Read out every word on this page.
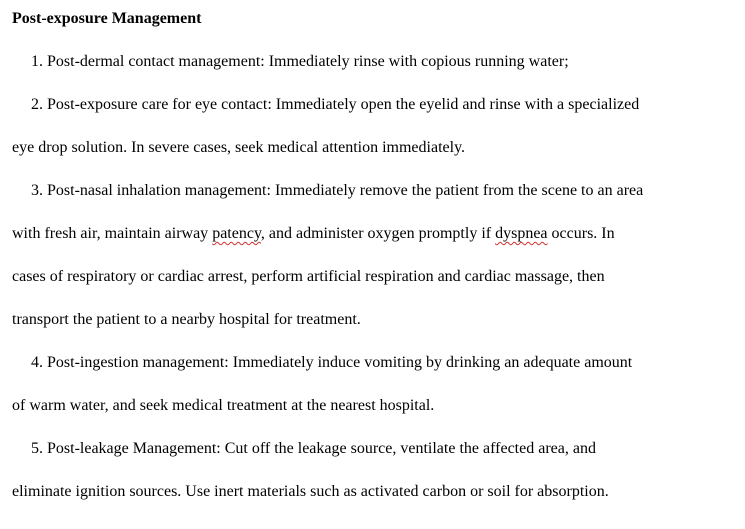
Post-exposure Management
1. Post-dermal contact management: Immediately rinse with copious running water;
2. Post-exposure care for eye contact: Immediately open the eyelid and rinse with a specialized
eye drop solution. In severe cases, seek medical attention immediately.
3. Post-nasal inhalation management: Immediately remove the patient from the scene to an area
with fresh air, maintain airway patency, and administer oxygen promptly if dyspnea occurs. In
cases of respiratory or cardiac arrest, perform artificial respiration and cardiac massage, then
transport the patient to a nearby hospital for treatment.
4. Post-ingestion management: Immediately induce vomiting by drinking an adequate amount
of warm water, and seek medical treatment at the nearest hospital.
5. Post-leakage Management: Cut off the leakage source, ventilate the affected area, and
eliminate ignition sources. Use inert materials such as activated carbon or soil for absorption.
